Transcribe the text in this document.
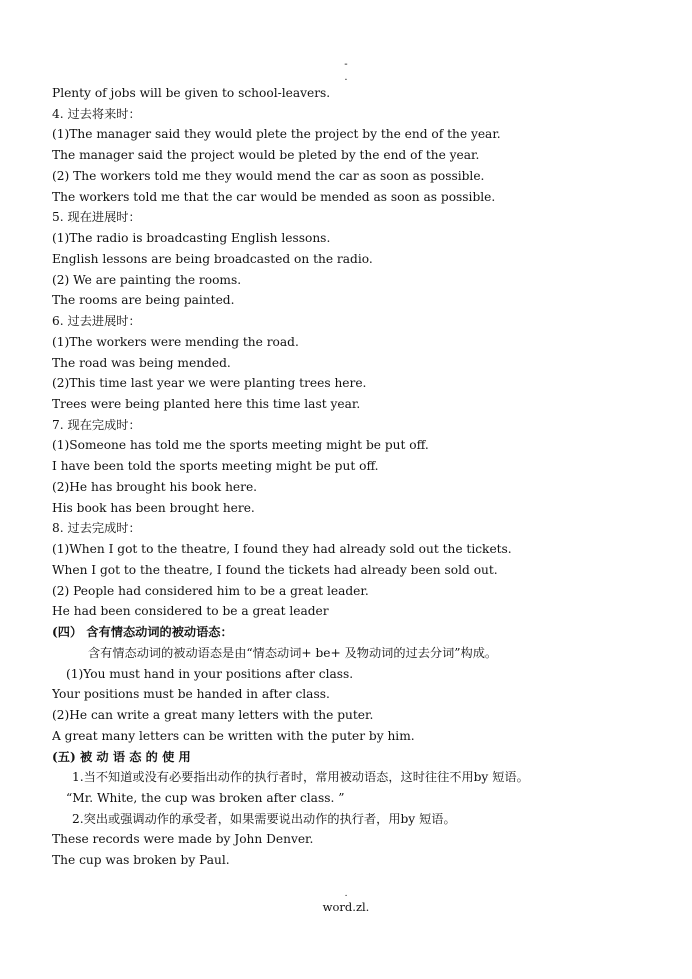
-
.
Plenty of jobs will be given to school-leavers.
4. 过去将来时：
(1)The manager said they would plete the project by the end of the year.
The manager said the project would be pleted by the end of the year.
(2) The workers told me they would mend the car as soon as possible.
The workers told me that the car would be mended as soon as possible.
5. 现在进展时：
(1)The radio is broadcasting English lessons.
English lessons are being broadcasted on the radio.
(2) We are painting the rooms.
The rooms are being painted.
6. 过去进展时：
(1)The workers were mending the road.
The road was being mended.
(2)This time last year we were planting trees here.
Trees were being planted here this time last year.
7. 现在完成时：
(1)Someone has told me the sports meeting might be put off.
I have been told the sports meeting might be put off.
(2)He has brought his book here.
His book has been brought here.
8. 过去完成时：
(1)When I got to the theatre, I found they had already sold out the tickets.
When I got to the theatre, I found the tickets had already been sold out.
(2) People had considered him to be a great leader.
He had been considered to be a great leader
(四） 含有情态动词的被动语态：
含有情态动词的被动语态是由“情态动词+ be+ 及物动词的过去分词”构成。
(1)You must hand in your positions after class.
Your positions must be handed in after class.
(2)He can write a great many letters with the puter.
A great many letters can be written with the puter by him.
(五) 被 动 语 态 的 使 用
1.当不知道或没有必要指出动作的执行者时，常用被动语态，这时往往不用by 短语。
“Mr. White, the cup was broken after class. ”
2.突出或强调动作的承受者，如果需要说出动作的执行者，用by 短语。
These records were made by John Denver.
The cup was broken by Paul.
.
word.zl.
